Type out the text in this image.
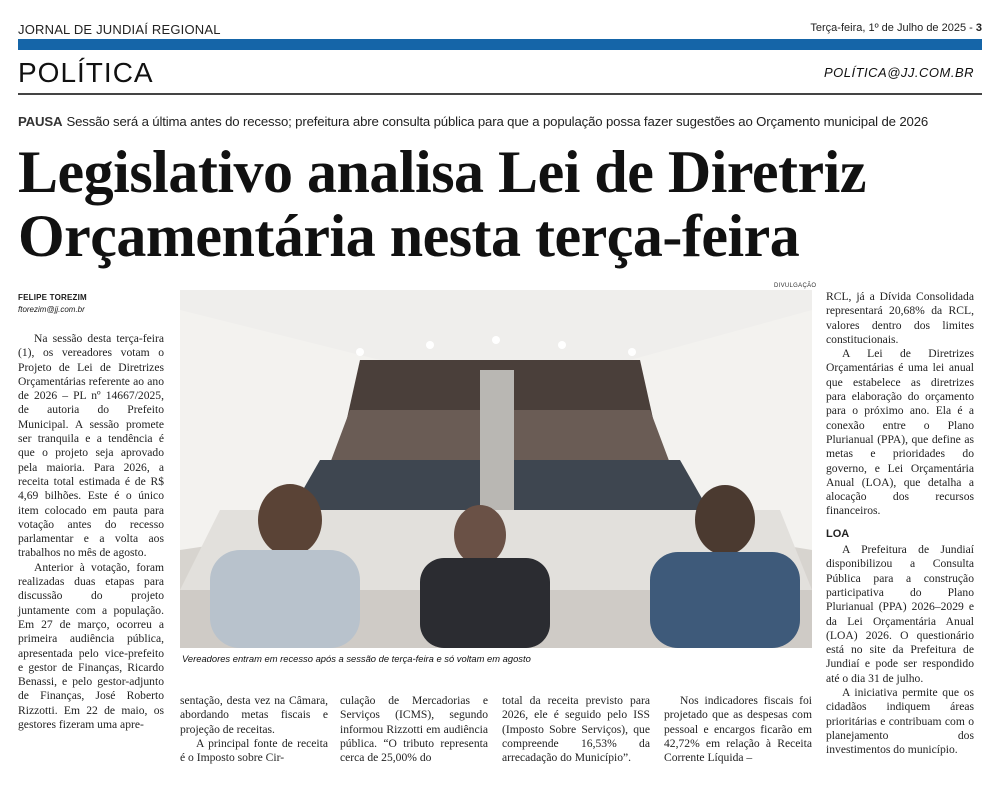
JORNAL DE JUNDIAÍ REGIONAL	Terça-feira, 1º de Julho de 2025 - 3
POLÍTICA	POLÍTICA@JJ.COM.BR
PAUSA Sessão será a última antes do recesso; prefeitura abre consulta pública para que a população possa fazer sugestões ao Orçamento municipal de 2026
Legislativo analisa Lei de Diretriz
Orçamentária nesta terça-feira
FELIPE TOREZIM
ftorezim@jj.com.br

Na sessão desta terça-feira (1), os vereadores votam o Projeto de Lei de Diretrizes Orçamentárias referente ao ano de 2026 – PL nº 14667/2025, de autoria do Prefeito Municipal. A sessão promete ser tranquila e a tendência é que o projeto seja aprovado pela maioria. Para 2026, a receita total estimada é de R$ 4,69 bilhões. Este é o único item colocado em pauta para votação antes do recesso parlamentar e a volta aos trabalhos no mês de agosto.

Anterior à votação, foram realizadas duas etapas para discussão do projeto juntamente com a população. Em 27 de março, ocorreu a primeira audiência pública, apresentada pelo vice-prefeito e gestor de Finanças, Ricardo Benassi, e pelo gestor-adjunto de Finanças, José Roberto Rizzotti. Em 22 de maio, os gestores fizeram uma apre-

DIVULGAÇÃO
Vereadores entram em recesso após a sessão de terça-feira e só voltam em agosto

RCL, já a Dívida Consolidada representará 20,68% da RCL, valores dentro dos limites constitucionais.

A Lei de Diretrizes Orçamentárias é uma lei anual que estabelece as diretrizes para elaboração do orçamento para o próximo ano. Ela é a conexão entre o Plano Plurianual (PPA), que define as metas e prioridades do governo, e Lei Orçamentária Anual (LOA), que detalha a alocação dos recursos financeiros.

LOA

A Prefeitura de Jundiaí disponibilizou a Consulta Pública para a construção participativa do Plano Plurianual (PPA) 2026–2029 e da Lei Orçamentária Anual (LOA) 2026. O questionário está no site da Prefeitura de Jundiaí e pode ser respondido até o dia 31 de julho.

A iniciativa permite que os cidadãos indiquem áreas prioritárias e contribuam com o planejamento dos investimentos do município.

sentação, desta vez na Câmara, abordando metas fiscais e projeção de receitas.

A principal fonte de receita é o Imposto sobre Cir-

culação de Mercadorias e Serviços (ICMS), segundo informou Rizzotti em audiência pública. “O tributo representa cerca de 25,00% do

total da receita previsto para 2026, ele é seguido pelo ISS (Imposto Sobre Serviços), que compreende 16,53% da arrecadação do Município”.

Nos indicadores fiscais foi projetado que as despesas com pessoal e encargos ficarão em 42,72% em relação à Receita Corrente Líquida –
